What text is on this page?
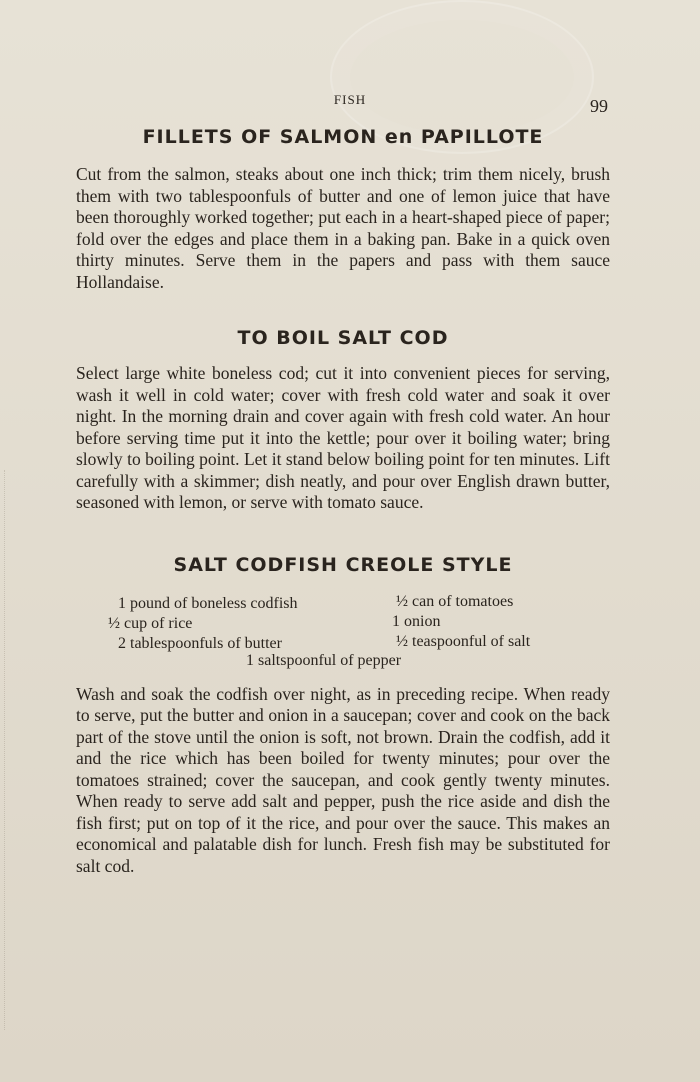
FISH	99
FILLETS OF SALMON en PAPILLOTE

Cut from the salmon, steaks about one inch thick; trim them nicely, brush them with two tablespoonfuls of butter and one of lemon juice that have been thoroughly worked together; put each in a heart-shaped piece of paper; fold over the edges and place them in a baking pan. Bake in a quick oven thirty minutes. Serve them in the papers and pass with them sauce Hollandaise.

TO BOIL SALT COD

Select large white boneless cod; cut it into convenient pieces for serving, wash it well in cold water; cover with fresh cold water and soak it over night. In the morning drain and cover again with fresh cold water. An hour before serving time put it into the kettle; pour over it boiling water; bring slowly to boiling point. Let it stand below boiling point for ten minutes. Lift carefully with a skimmer; dish neatly, and pour over English drawn butter, seasoned with lemon, or serve with tomato sauce.

SALT CODFISH CREOLE STYLE
1 pound of boneless codfish	½ can of tomatoes
½ cup of rice	1 onion
2 tablespoonfuls of butter	½ teaspoonful of salt
1 saltspoonful of pepper

Wash and soak the codfish over night, as in preceding recipe. When ready to serve, put the butter and onion in a saucepan; cover and cook on the back part of the stove until the onion is soft, not brown. Drain the codfish, add it and the rice which has been boiled for twenty minutes; pour over the tomatoes strained; cover the saucepan, and cook gently twenty minutes. When ready to serve add salt and pepper, push the rice aside and dish the fish first; put on top of it the rice, and pour over the sauce. This makes an economical and palatable dish for lunch. Fresh fish may be substituted for salt cod.
